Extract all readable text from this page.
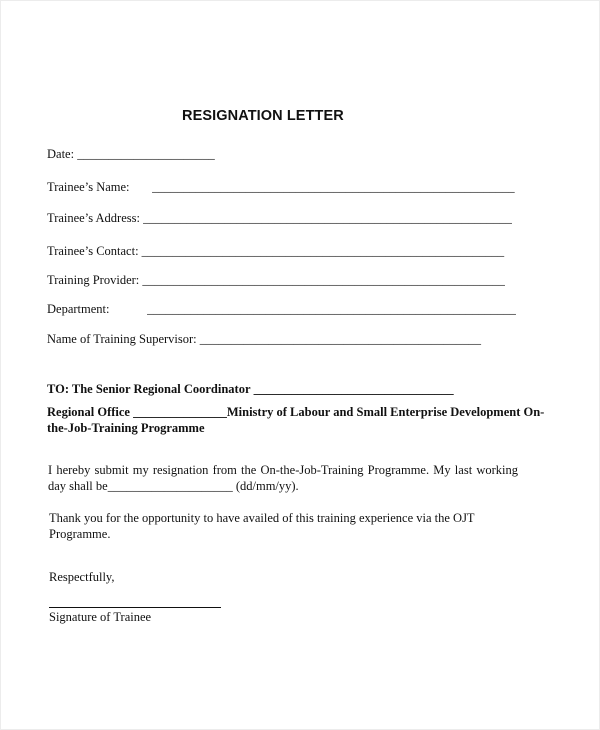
RESIGNATION LETTER
Date: ______________________
Trainee’s Name: __________________________________________________________
Trainee’s Address: ___________________________________________________________
Trainee’s Contact: __________________________________________________________
Training Provider: __________________________________________________________
Department:	___________________________________________________________
Name of Training Supervisor: _____________________________________________
TO: The Senior Regional Coordinator ________________________________
Regional Office _______________Ministry of Labour and Small Enterprise Development On-the-Job-Training Programme
I hereby submit my resignation from the On-the-Job-Training Programme. My last working day shall be____________________ (dd/mm/yy).
Thank you for the opportunity to have availed of this training experience via the OJT Programme.
Respectfully,
Signature of Trainee
